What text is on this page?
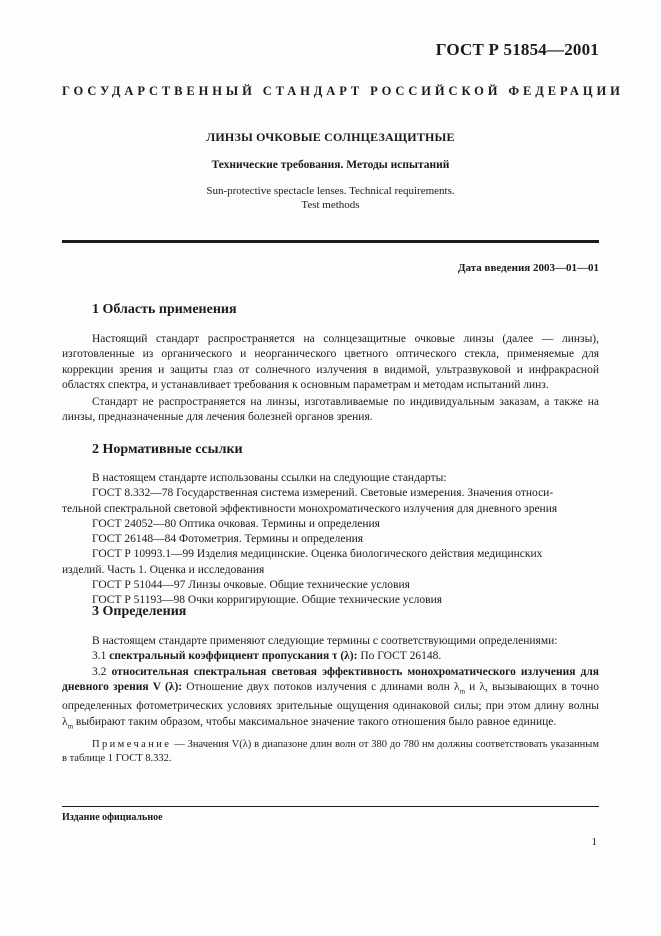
ГОСТ Р 51854—2001
ГОСУДАРСТВЕННЫЙ СТАНДАРТ РОССИЙСКОЙ ФЕДЕРАЦИИ
ЛИНЗЫ ОЧКОВЫЕ СОЛНЦЕЗАЩИТНЫЕ
Технические требования. Методы испытаний
Sun-protective spectacle lenses. Technical requirements.
Test methods
Дата введения 2003—01—01
1 Область применения

Настоящий стандарт распространяется на солнцезащитные очковые линзы (далее — линзы), изготовленные из органического и неорганического цветного оптического стекла, применяемые для коррекции зрения и защиты глаз от солнечного излучения в видимой, ультразвуковой и инфракрасной областях спектра, и устанавливает требования к основным параметрам и методам испытаний линз.

Стандарт не распространяется на линзы, изготавливаемые по индивидуальным заказам, а также на линзы, предназначенные для лечения болезней органов зрения.

2 Нормативные ссылки
В настоящем стандарте использованы ссылки на следующие стандарты:
ГОСТ 8.332—78 Государственная система измерений. Световые измерения. Значения относи-
тельной спектральной световой эффективности монохроматического излучения для дневного зрения
ГОСТ 24052—80 Оптика очковая. Термины и определения
ГОСТ 26148—84 Фотометрия. Термины и определения
ГОСТ Р 10993.1—99 Изделия медицинские. Оценка биологического действия медицинских
изделий. Часть 1. Оценка и исследования
ГОСТ Р 51044—97 Линзы очковые. Общие технические условия
ГОСТ Р 51193—98 Очки корригирующие. Общие технические условия
3 Определения
В настоящем стандарте применяют следующие термины с соответствующими определениями:
3.1 спектральный коэффициент пропускания τ (λ): По ГОСТ 26148.
3.2 относительная спектральная световая эффективность монохроматического излучения для дневного зрения V (λ): Отношение двух потоков излучения с длинами волн $\lambda_m$ и λ, вызывающих в точно определенных фотометрических условиях зрительные ощущения одинаковой силы; при этом длину волны $\lambda_m$ выбирают таким образом, чтобы максимальное значение такого отношения было равное единице.
Примечание — Значения V(λ) в диапазоне длин волн от 380 до 780 нм должны соответствовать указанным в таблице 1 ГОСТ 8.332.
Издание официальное
1
